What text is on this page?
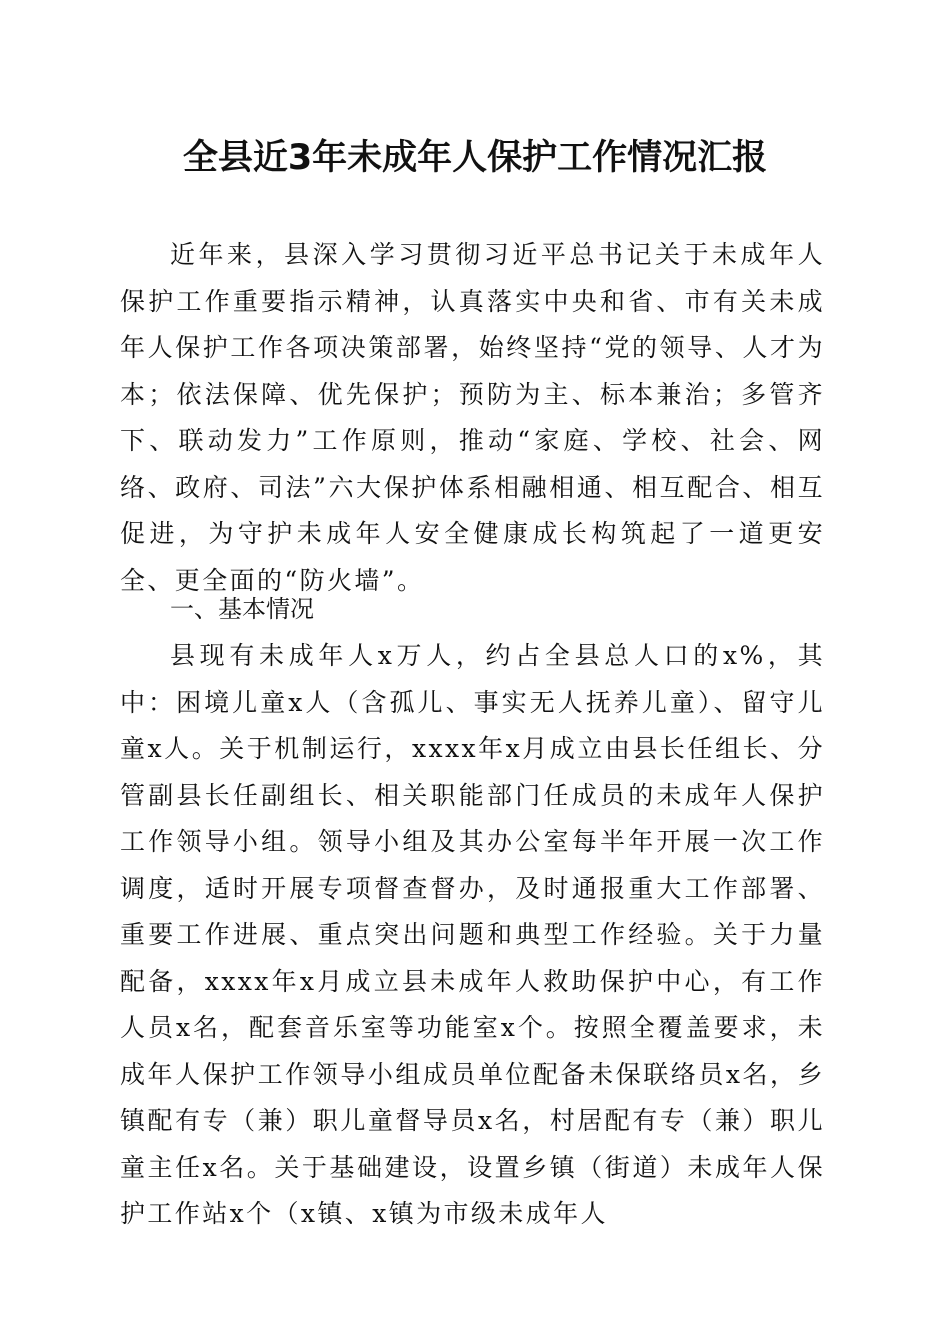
全县近3年未成年人保护工作情况汇报

近年来，县深入学习贯彻习近平总书记关于未成年人保护工作重要指示精神，认真落实中央和省、市有关未成年人保护工作各项决策部署，始终坚持“党的领导、人才为本；依法保障、优先保护；预防为主、标本兼治；多管齐下、联动发力”工作原则，推动“家庭、学校、社会、网络、政府、司法”六大保护体系相融相通、相互配合、相互促进，为守护未成年人安全健康成长构筑起了一道更安全、更全面的“防火墙”。

一、基本情况

县现有未成年人x万人，约占全县总人口的x%，其中：困境儿童x人（含孤儿、事实无人抚养儿童）、留守儿童x人。关于机制运行，xxxx年x月成立由县长任组长、分管副县长任副组长、相关职能部门任成员的未成年人保护工作领导小组。领导小组及其办公室每半年开展一次工作调度，适时开展专项督查督办，及时通报重大工作部署、重要工作进展、重点突出问题和典型工作经验。关于力量配备，xxxx年x月成立县未成年人救助保护中心，有工作人员x名，配套音乐室等功能室x个。按照全覆盖要求，未成年人保护工作领导小组成员单位配备未保联络员x名，乡镇配有专（兼）职儿童督导员x名，村居配有专（兼）职儿童主任x名。关于基础建设，设置乡镇（街道）未成年人保护工作站x个（x镇、x镇为市级未成年人
